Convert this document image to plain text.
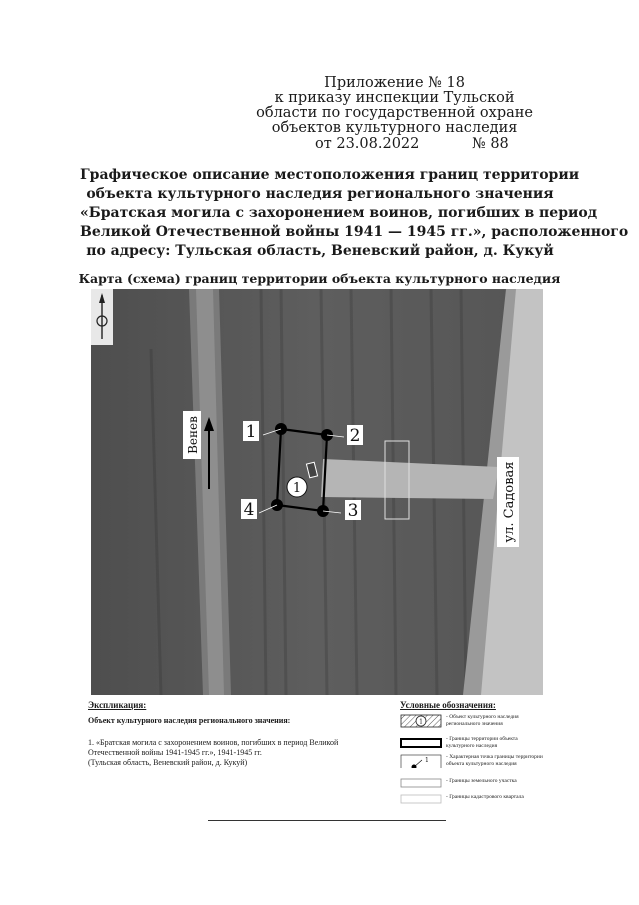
Приложение № 18
к приказу инспекции Тульской
области по государственной охране
объектов культурного наследия
от 23.08.2022	№ 88
Графическое описание местоположения границ территории
объекта культурного наследия регионального значения
«Братская могила с захоронением воинов, погибших в период
Великой Отечественной войны 1941 — 1945 гг.», расположенного
по адресу: Тульская область, Веневский район, д. Кукуй
Карта (схема) границ территории объекта культурного наследия
1	2
3
4
1
Венев
ул. Садовая
Экспликация:
Объект культурного наследия регионального значения:
1. «Братская могила с захоронением воинов, погибших в период Великой
Отечественной войны 1941-1945 гг.», 1941-1945 гг.
(Тульская область, Веневский район, д. Кукуй)
Условные обозначения:
1
- Объект культурного наследия регионального значения
- Границы территории объекта культурного наследия
1	- Характерная точка границы территории объекта культурного наследия
- Границы земельного участка
- Границы кадастрового квартала
